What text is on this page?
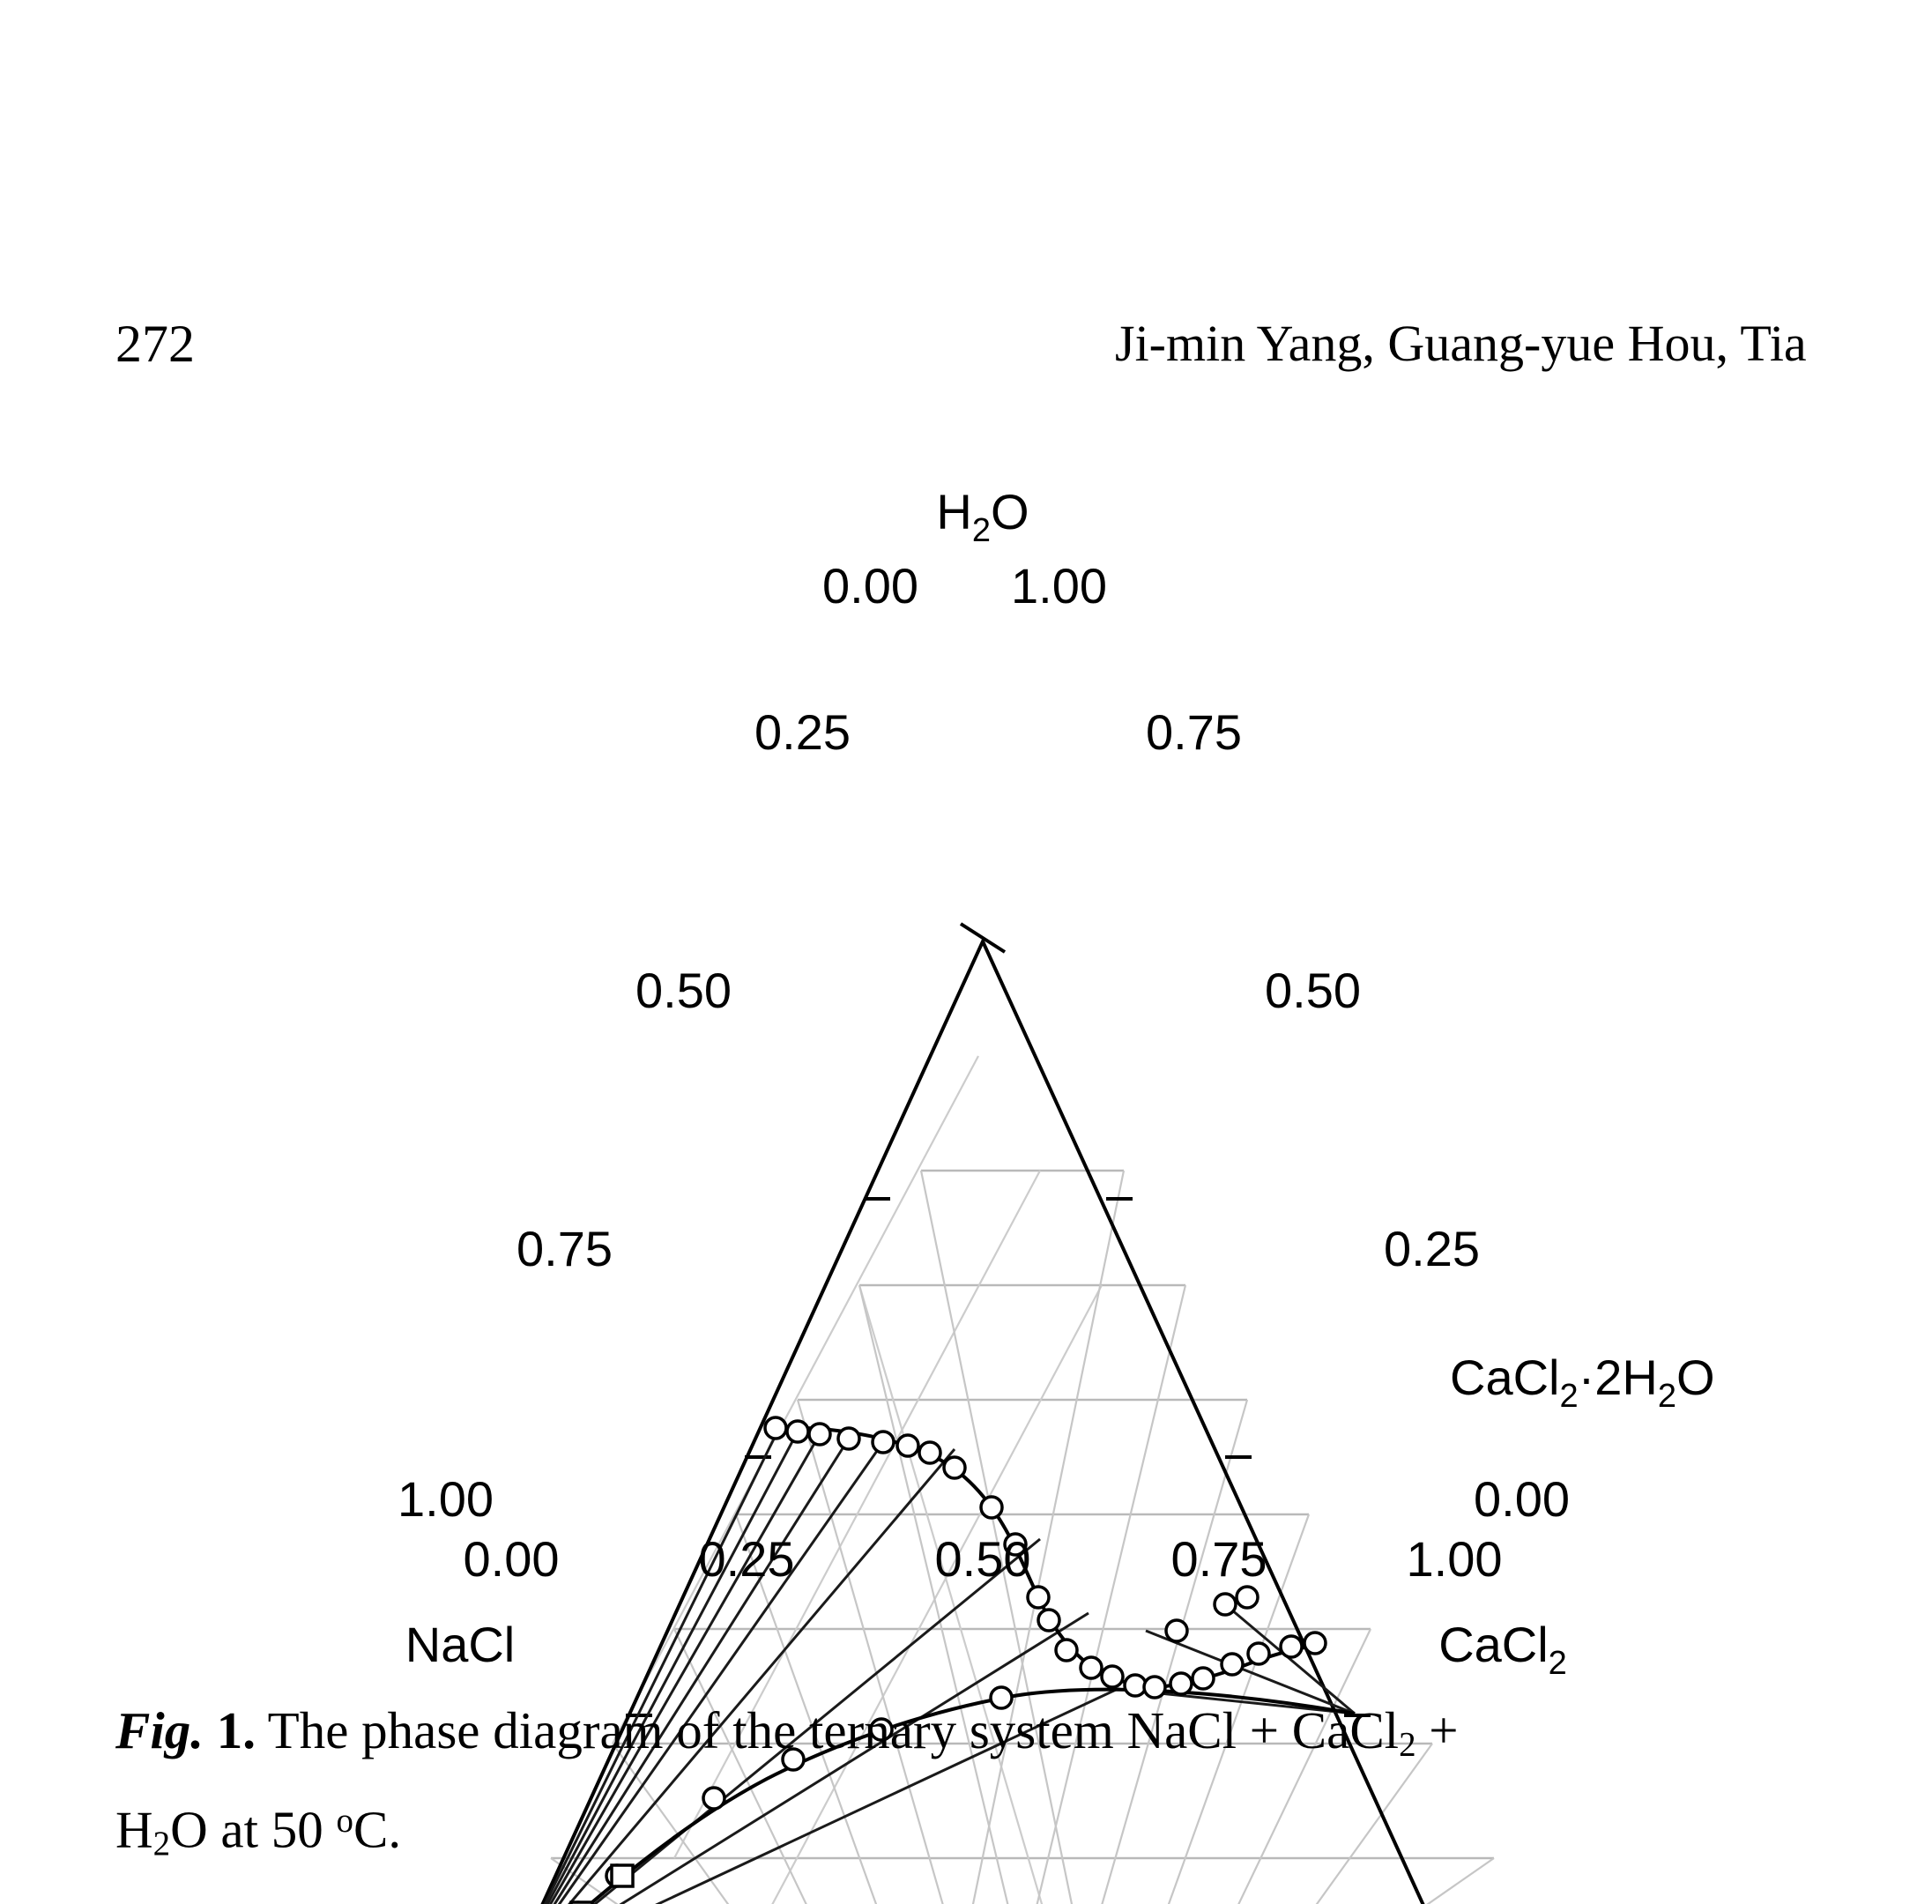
272	Ji-min Yang, Guang-yue Hou, Tia
$H_2O$
0.00 1.00
0.25
0.50
0.75
1.00
0.75
0.50
0.25
0.00
0.00	0.25	0.50	0.75	1.00
NaCl	CaCl$_2$
$CaCl_2\cdot 2H_2O$
Fig. 1. The phase diagram of the ternary system NaCl + CaCl$_2$ +
$H_2O$ at 50 $^o$C.
